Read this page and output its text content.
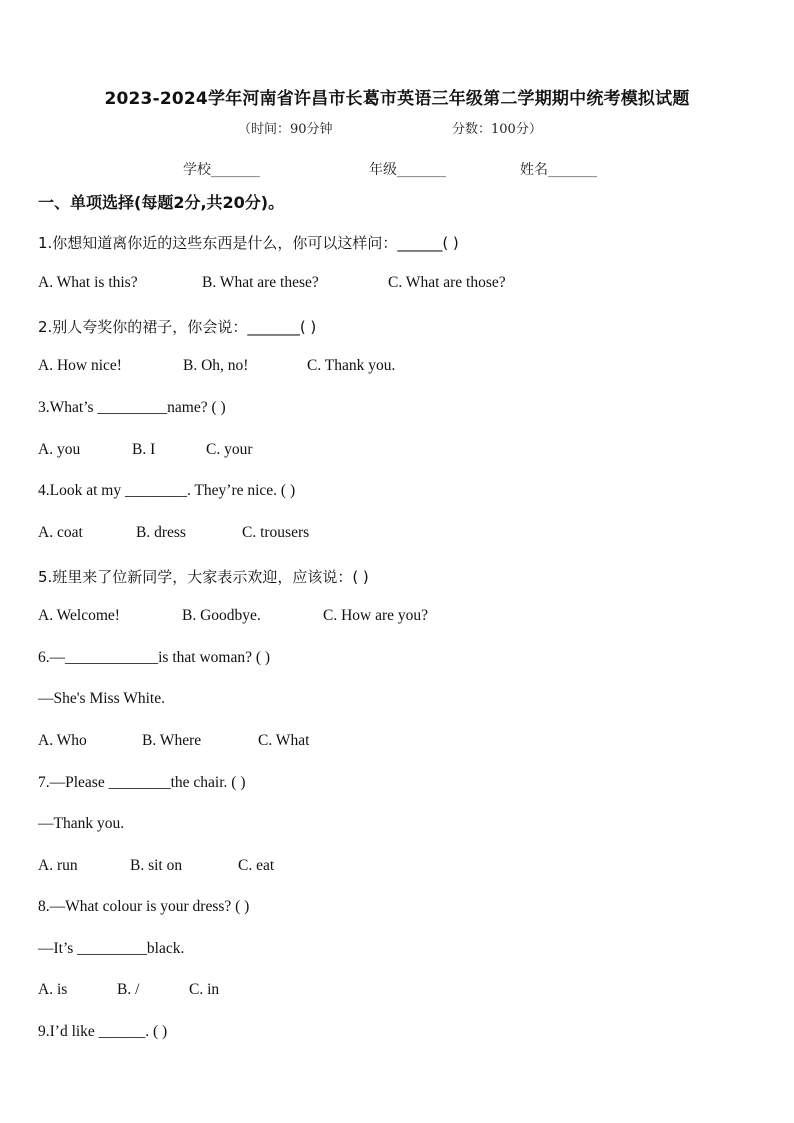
2023-2024学年河南省许昌市长葛市英语三年级第二学期期中统考模拟试题
（时间：90分钟	分数：100分）
学校_______	年级_______	姓名_______
一、单项选择(每题2分,共20分)。
1.你想知道离你近的这些东西是什么，你可以这样问：______( )
A. What is this?	B. What are these?	C. What are those?
2.别人夸奖你的裙子，你会说：_______( )
A. How nice!	B. Oh, no!	C. Thank you.
3.What’s _________name? ( )
A. you	B. I	C. your
4.Look at my ________. They’re nice. ( )
A. coat	B. dress	C. trousers
5.班里来了位新同学，大家表示欢迎，应该说：( )
A. Welcome!	B. Goodbye.	C. How are you?
6.—____________is that woman? ( )
—She's Miss White.
A. Who	B. Where	C. What
7.—Please ________the chair. ( )
—Thank you.
A. run	B. sit on	C. eat
8.—What colour is your dress? ( )
—It’s _________black.
A. is	B. /	C. in
9.I’d like ______. ( )
